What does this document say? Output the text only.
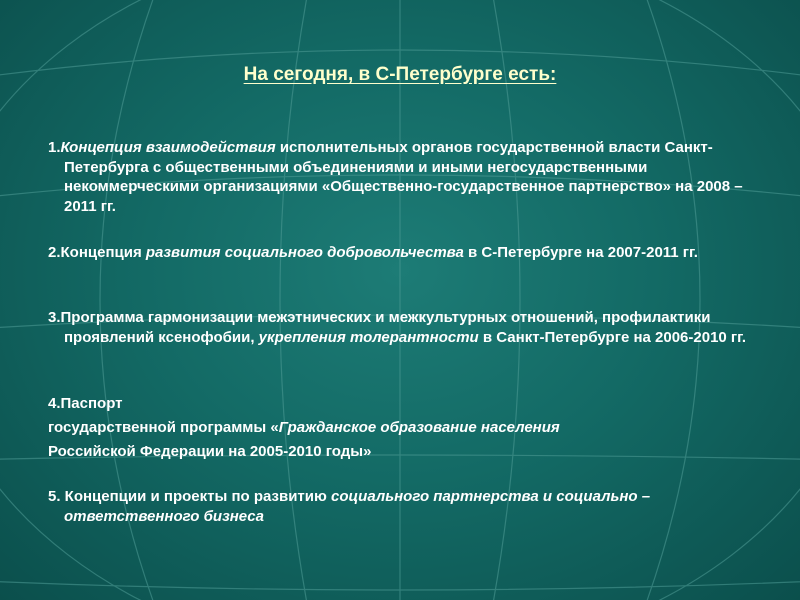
На сегодня, в С-Петербурге есть:

1.Концепция взаимодействия исполнительных органов государственной власти Санкт-Петербурга с общественными объединениями и иными негосударственными некоммерческими организациями «Общественно-государственное партнерство» на 2008 – 2011 гг.

2.Концепция развития социального добровольчества в С-Петербурге на 2007-2011 гг.

3.Программа гармонизации межэтнических и межкультурных отношений, профилактики проявлений ксенофобии, укрепления толерантности в Санкт-Петербурге на 2006-2010 гг.

4.Паспорт

государственной программы «Гражданское образование населения

Российской Федерации на 2005-2010 годы»

5. Концепции и проекты по развитию социального партнерства и социально – ответственного бизнеса
